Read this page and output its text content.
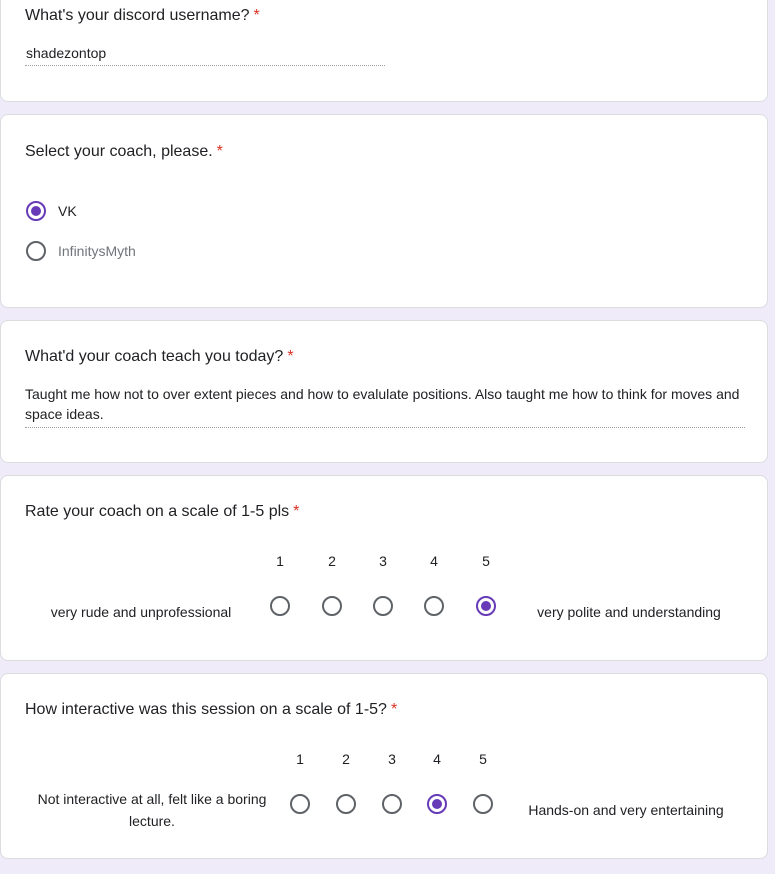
What's your discord username? *
shadezontop
Select your coach, please. *
VK
InfinitysMyth
What'd your coach teach you today? *
Taught me how not to over extent pieces and how to evalulate positions. Also taught me how to think for moves and space ideas.
Rate your coach on a scale of 1-5 pls *
1	2	3	4	5
very rude and unprofessional	very polite and understanding
How interactive was this session on a scale of 1-5? *
1	2	3	4	5
Not interactive at all, felt like a boring lecture.
Hands-on and very entertaining
